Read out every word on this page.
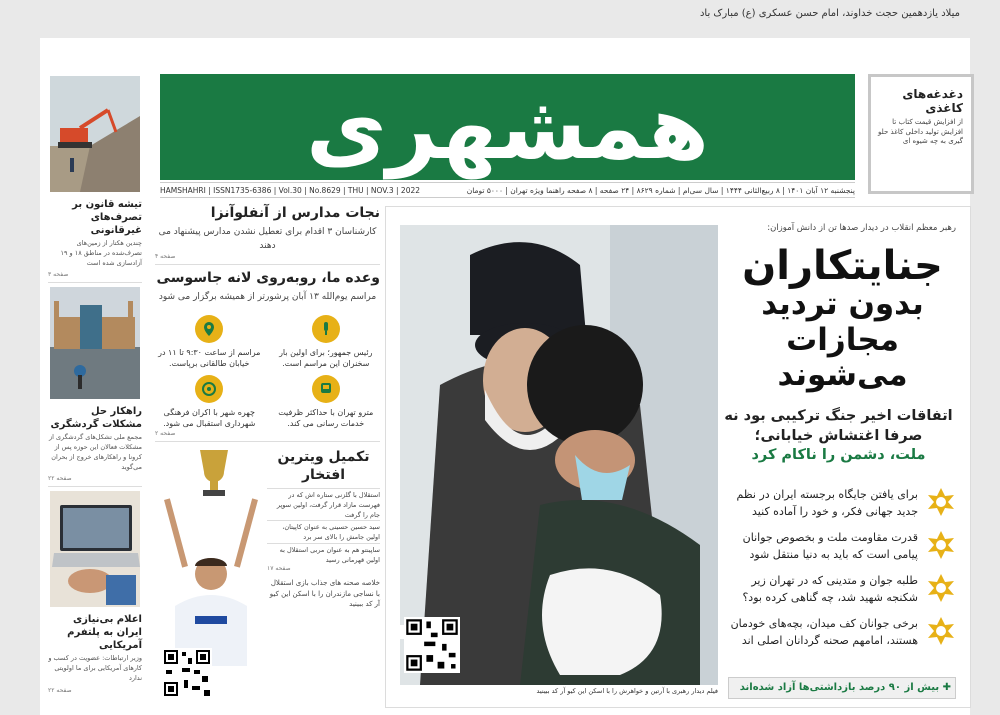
میلاد یازدهمین حجت خداوند، امام حسن عسکری (ع) مبارک باد
همشهری
HAMSHAHRI | ISSN1735-6386 | Vol.30 | No.8629 | THU | NOV.3 | 2022	پنجشنبه ۱۲ آبان ۱۴۰۱ | ۸ ربیع‌الثانی ۱۴۴۴ | سال سی‌ام | شماره ۸۶۲۹ | ۲۴ صفحه | ۸ صفحه راهنما ویژه تهران | ۵۰۰۰ تومان
دغدغه‌های کاغذی

از افزایش قیمت کتاب تا افزایش تولید داخلی کاغذ حلو گیری به چه شیوه ای

تیشه قانون بر تصرف‌های غیرقانونی

چندین هکتار از زمین‌های تصرف‌شده در مناطق ۱۸ و ۱۹ آزادسازی شده است

صفحه ۳
راهکار حل مشکلات گردشگری

مجمع ملی تشکل‌های گردشگری از مشکلات فعالان این حوزه پس از کرونا و راهکارهای خروج از بحران می‌گوید

صفحه ۲۲
اعلام بی‌نیازی ایران به پلتفرم آمریکایی

وزیر ارتباطات: عضویت در کسب و کارهای آمریکایی برای ما اولویتی ندارد

صفحه ۲۲
نجات مدارس از آنفلوآنزا

کارشناسان ۳ اقدام برای تعطیل نشدن مدارس پیشنهاد می دهند

صفحه ۴
وعده ما، روبه‌روی لانه جاسوسی

مراسم یوم‌الله ۱۳ آبان پرشورتر از همیشه برگزار می شود

مراسم از ساعت ۹:۳۰ تا ۱۱ در خیابان طالقانی برپاست.

رئیس جمهور؛ برای اولین بار سخنران این مراسم است.

چهره شهر با اکران فرهنگی شهرداری استقبال می شود.

مترو تهران با حداکثر ظرفیت خدمات رسانی می کند.

صفحه ۲
تکمیل ویترین افتخار

استقلال با گلزنی ستاره اش که در فهرست مازاد قرار گرفت، اولین سوپر جام را گرفت

سید حسین حسینی به عنوان کاپیتان، اولین جامش را بالای سر برد

ساپینتو هم به عنوان مربی استقلال به اولین قهرمانی رسید

صفحه ۱۷

خلاصه صحنه های جذاب بازی استقلال با نساجی مازندران را با اسکن این کیو آر کد ببینید

فیلم دیدار رهبری با آرتین و خواهرش را با اسکن این کیو آر کد ببینید
رهبر معظم انقلاب در دیدار صدها تن از دانش آموزان:
جنایتکاران
بدون تردید
مجازات می‌شوند
اتفاقات اخیر جنگ ترکیبی بود نه صرفا اغتشاش خیابانی؛
ملت، دشمن را ناکام کرد

برای یافتن جایگاه برجسته ایران در نظم جدید جهانی فکر، و خود را آماده کنید

قدرت مقاومت ملت و بخصوص جوانان پیامی است که باید به دنیا منتقل شود

طلبه جوان و متدینی که در تهران زیر شکنجه شهید شد، چه گناهی کرده بود؟

برخی جوانان کف میدان، بچه‌های خودمان هستند، امامهم صحنه گردانان اصلی اند

✚ بیش از ۹۰ درصد بازداشتی‌ها آزاد شده‌اند
